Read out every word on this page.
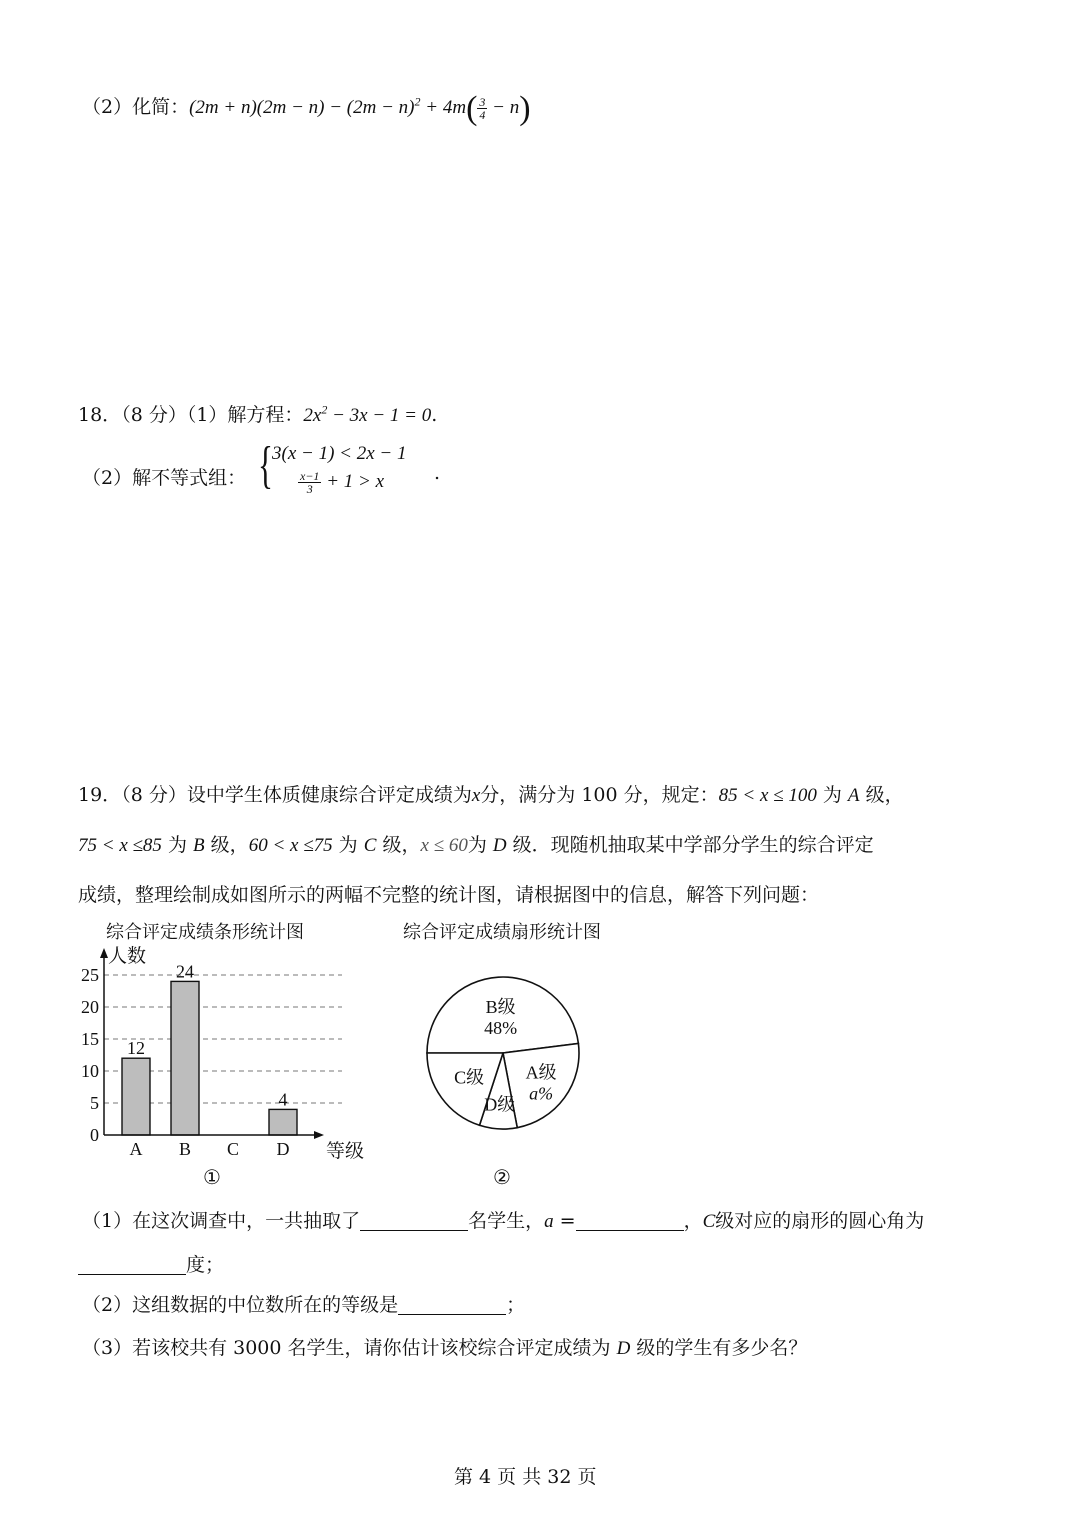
（2）化简：$(2m + n)(2m - n) - (2m - n)^2 + 4m( \frac{3}{4} - n)$
18．（8 分）（1）解方程：$2x^2 - 3x - 1 = 0$.
（2）解不等式组： { 3(x − 1) < 2x − 1
$\frac{x-1}{3} + 1 > x$	.
19．（8 分）设中学生体质健康综合评定成绩为x分，满分为 100 分，规定：85 < x ≤ 100 为 A 级，
75 < x ≤85 为 B 级，60 < x ≤75 为 C 级，x ≤ 60为 D 级．现随机抽取某中学部分学生的综合评定
成绩，整理绘制成如图所示的两幅不完整的统计图，请根据图中的信息，解答下列问题：
综合评定成绩条形统计图	综合评定成绩扇形统计图
0
5
10
15
20
25
12
A
24
B C
4
D
人数
等级
B级
48%
A级
a%
D级
C级
①	②
（1）在这次调查中，一共抽取了	名学生，a =	，C级对应的扇形的圆心角为
度；
（2）这组数据的中位数所在的等级是	；
（3）若该校共有 3000 名学生，请你估计该校综合评定成绩为 D 级的学生有多少名？
第 4 页 共 32 页
